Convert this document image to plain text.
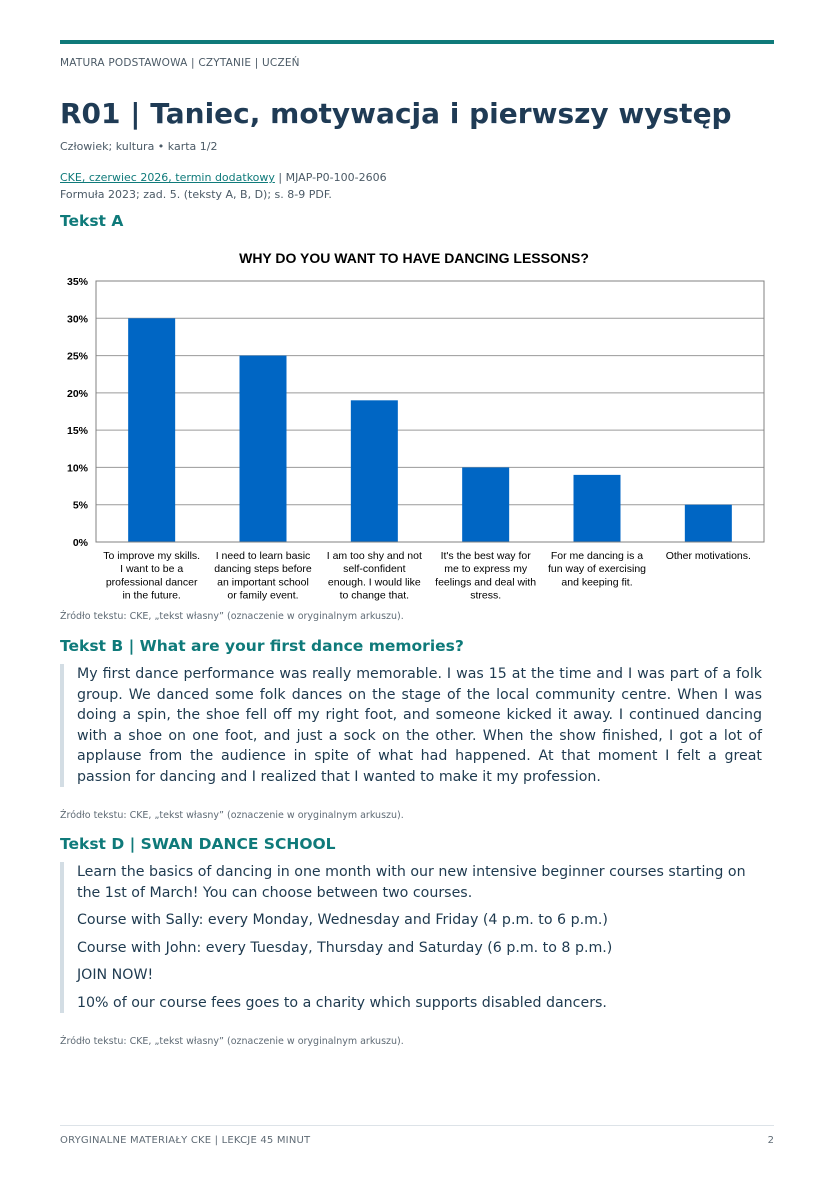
MATURA PODSTAWOWA | CZYTANIE | UCZEŃ
R01 | Taniec, motywacja i pierwszy występ
Człowiek; kultura • karta 1/2
CKE, czerwiec 2026, termin dodatkowy | MJAP-P0-100-2606
Formuła 2023; zad. 5. (teksty A, B, D); s. 8-9 PDF.
Tekst A
WHY DO YOU WANT TO HAVE DANCING LESSONS?
0%
5%
10%
15%
20%
25%
30%
35%
To improve my skills. I want to be a professional dancer in the future.
I need to learn basic dancing steps before an important school or family event.
I am too shy and not self-confident enough. I would like to change that.
It's the best way for me to express my feelings and deal with stress.
For me dancing is a fun way of exercising and keeping fit.
Other motivations.
Źródło tekstu: CKE, „tekst własny” (oznaczenie w oryginalnym arkuszu).
Tekst B | What are your first dance memories?

My first dance performance was really memorable. I was 15 at the time and I was part of a folk group. We danced some folk dances on the stage of the local community centre. When I was doing a spin, the shoe fell off my right foot, and someone kicked it away. I continued dancing with a shoe on one foot, and just a sock on the other. When the show finished, I got a lot of applause from the audience in spite of what had happened. At that moment I felt a great passion for dancing and I realized that I wanted to make it my profession.

Źródło tekstu: CKE, „tekst własny” (oznaczenie w oryginalnym arkuszu).
Tekst D | SWAN DANCE SCHOOL

Learn the basics of dancing in one month with our new intensive beginner courses starting on the 1st of March! You can choose between two courses.

Course with Sally: every Monday, Wednesday and Friday (4 p.m. to 6 p.m.)

Course with John: every Tuesday, Thursday and Saturday (6 p.m. to 8 p.m.)

JOIN NOW!

10% of our course fees goes to a charity which supports disabled dancers.

Źródło tekstu: CKE, „tekst własny” (oznaczenie w oryginalnym arkuszu).
ORYGINALNE MATERIAŁY CKE | LEKCJE 45 MINUT	2
